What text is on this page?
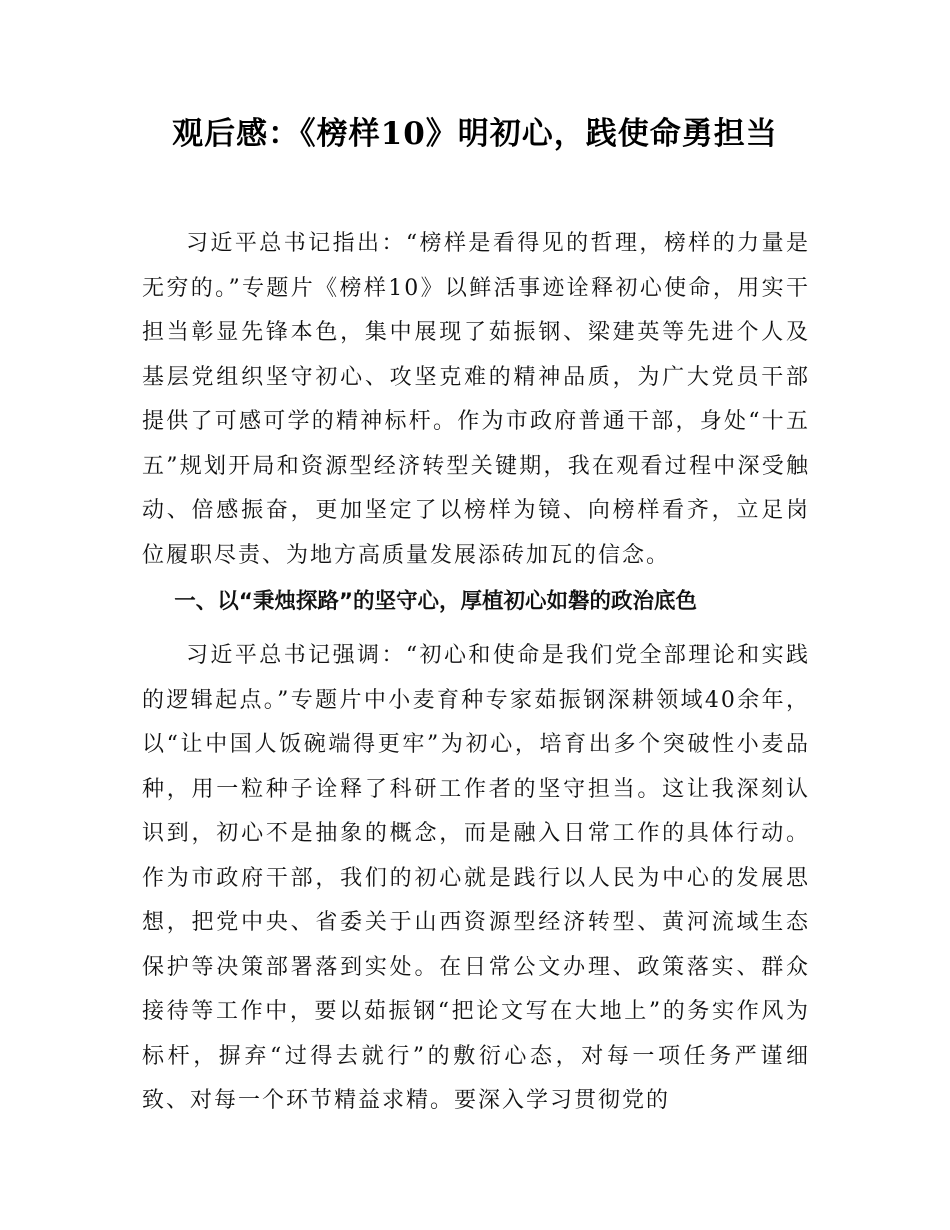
观后感：《榜样10》明初心，践使命勇担当

习近平总书记指出：“榜样是看得见的哲理，榜样的力量是无穷的。”专题片《榜样10》以鲜活事迹诠释初心使命，用实干担当彰显先锋本色，集中展现了茹振钢、梁建英等先进个人及基层党组织坚守初心、攻坚克难的精神品质，为广大党员干部提供了可感可学的精神标杆。作为市政府普通干部，身处“十五五”规划开局和资源型经济转型关键期，我在观看过程中深受触动、倍感振奋，更加坚定了以榜样为镜、向榜样看齐，立足岗位履职尽责、为地方高质量发展添砖加瓦的信念。

一、以“秉烛探路”的坚守心，厚植初心如磐的政治底色

习近平总书记强调：“初心和使命是我们党全部理论和实践的逻辑起点。”专题片中小麦育种专家茹振钢深耕领域40余年，以“让中国人饭碗端得更牢”为初心，培育出多个突破性小麦品种，用一粒种子诠释了科研工作者的坚守担当。这让我深刻认识到，初心不是抽象的概念，而是融入日常工作的具体行动。作为市政府干部，我们的初心就是践行以人民为中心的发展思想，把党中央、省委关于山西资源型经济转型、黄河流域生态保护等决策部署落到实处。在日常公文办理、政策落实、群众接待等工作中，要以茹振钢“把论文写在大地上”的务实作风为标杆，摒弃“过得去就行”的敷衍心态，对每一项任务严谨细致、对每一个环节精益求精。要深入学习贯彻党的
